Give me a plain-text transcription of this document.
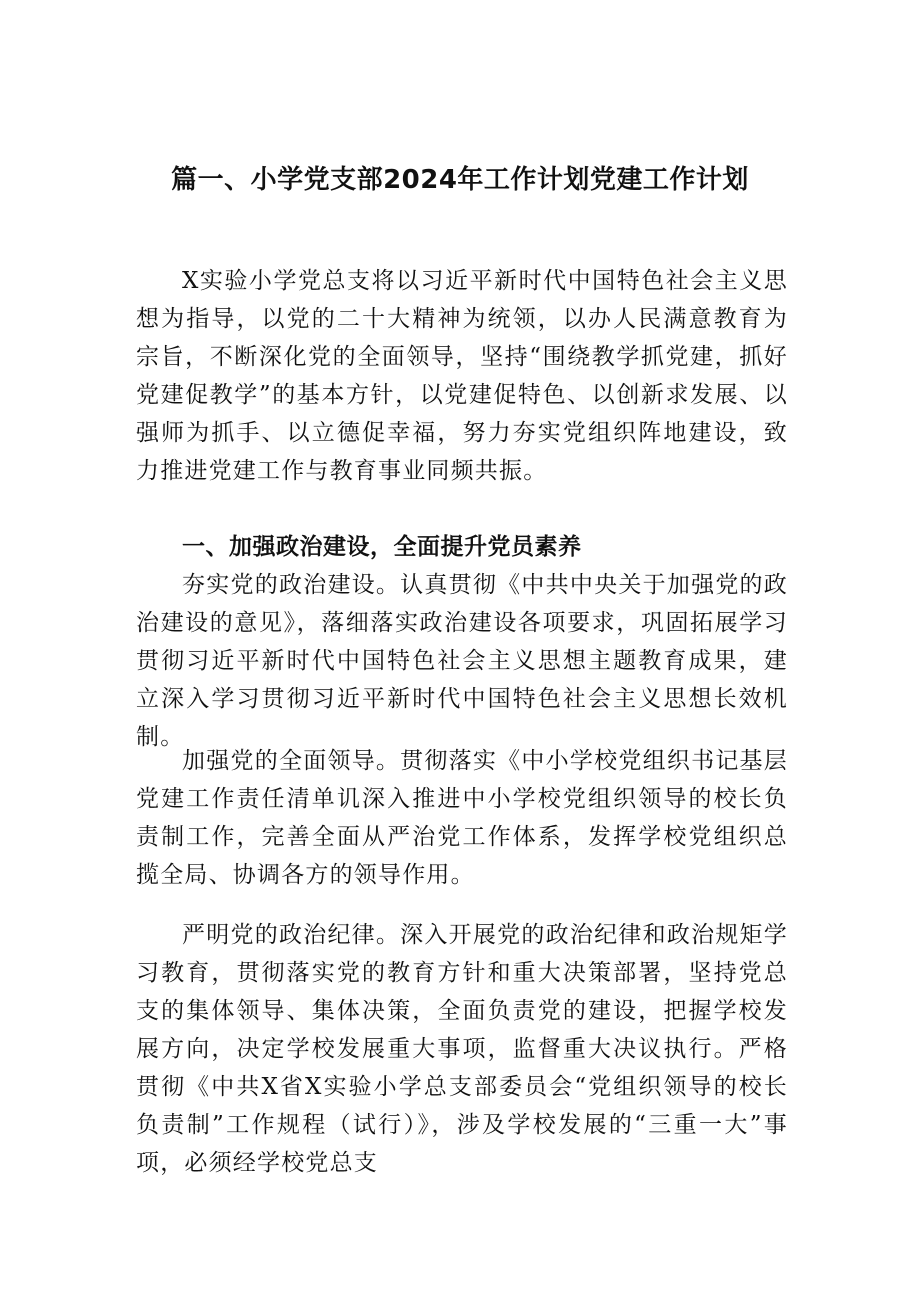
篇一、小学党支部2024年工作计划党建工作计划

X实验小学党总支将以习近平新时代中国特色社会主义思想为指导，以党的二十大精神为统领，以办人民满意教育为宗旨，不断深化党的全面领导，坚持“围绕教学抓党建，抓好党建促教学”的基本方针，以党建促特色、以创新求发展、以强师为抓手、以立德促幸福，努力夯实党组织阵地建设，致力推进党建工作与教育事业同频共振。

一、加强政治建设，全面提升党员素养

夯实党的政治建设。认真贯彻《中共中央关于加强党的政治建设的意见》，落细落实政治建设各项要求，巩固拓展学习贯彻习近平新时代中国特色社会主义思想主题教育成果，建立深入学习贯彻习近平新时代中国特色社会主义思想长效机制。

加强党的全面领导。贯彻落实《中小学校党组织书记基层党建工作责任清单讥深入推进中小学校党组织领导的校长负责制工作，完善全面从严治党工作体系，发挥学校党组织总揽全局、协调各方的领导作用。

严明党的政治纪律。深入开展党的政治纪律和政治规矩学习教育，贯彻落实党的教育方针和重大决策部署，坚持党总支的集体领导、集体决策，全面负责党的建设，把握学校发展方向，决定学校发展重大事项，监督重大决议执行。严格贯彻《中共X省X实验小学总支部委员会“党组织领导的校长负责制”工作规程（试行）》，涉及学校发展的“三重一大”事项，必须经学校党总支
